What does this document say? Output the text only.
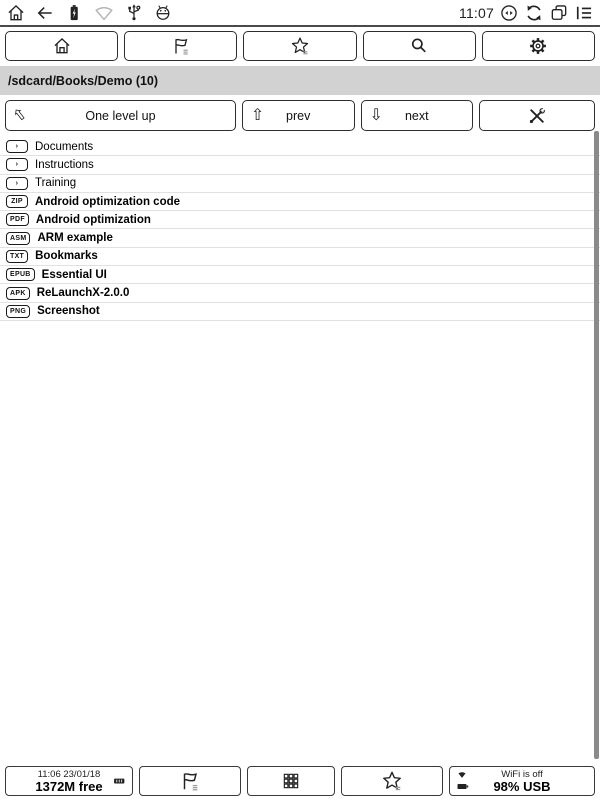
11:07
/sdcard/Books/Demo (10)
⇧	One level up	⇧ prev	⇩ next
›	Documents
›	Instructions
›	Training
ZIP	Android optimization code
PDF Android optimization
ASM ARM example
TXT Bookmarks
EPUB Essential UI
APK ReLaunchX-2.0.0
PNG Screenshot
11:06 23/01/18
1372M free
WiFi is off
98% USB
